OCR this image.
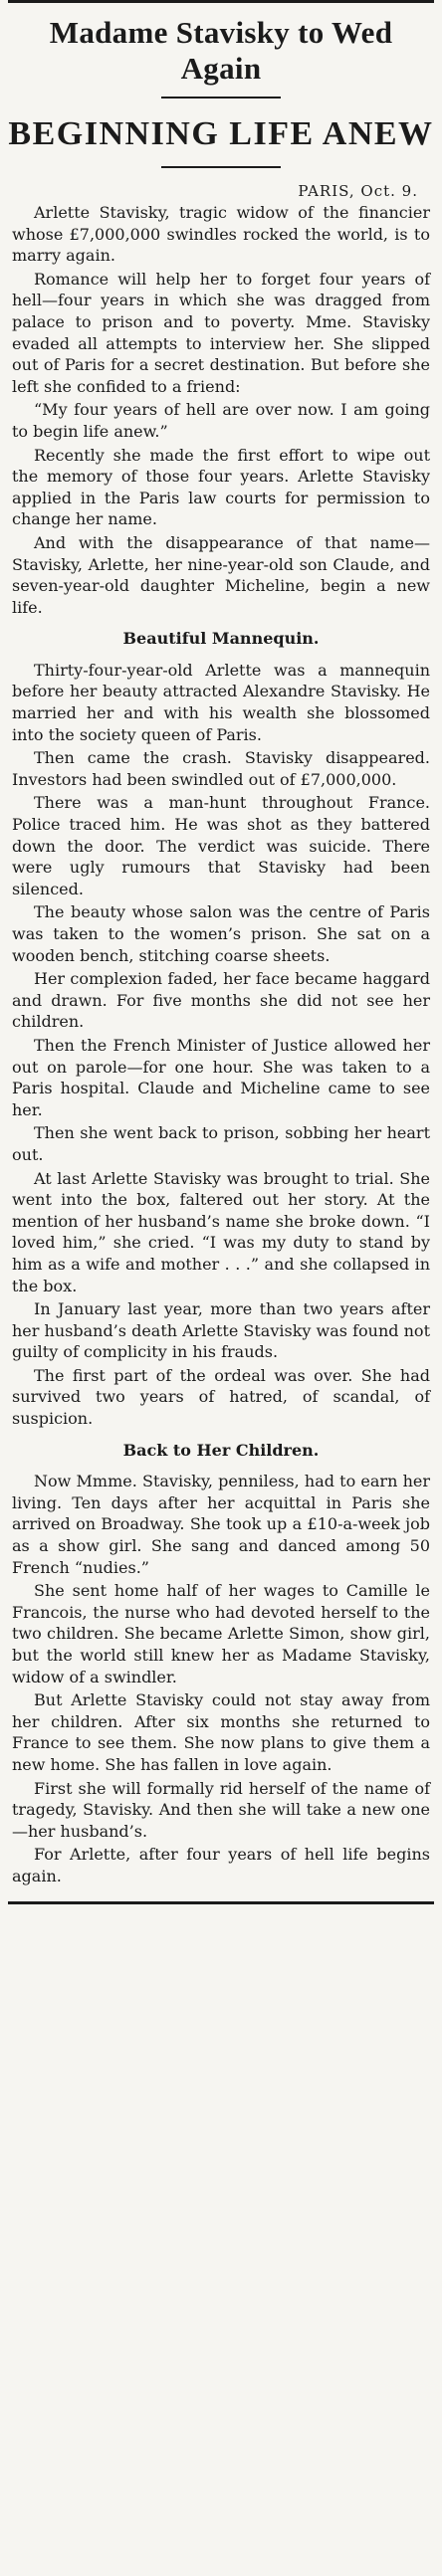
Madame Stavisky to Wed Again
BEGINNING LIFE ANEW
PARIS, Oct. 9.

Arlette Stavisky, tragic widow of the financier whose £7,000,000 swindles rocked the world, is to marry again.

Romance will help her to forget four years of hell—four years in which she was dragged from palace to prison and to poverty. Mme. Stavisky evaded all attempts to interview her. She slipped out of Paris for a secret destination. But before she left she confided to a friend:

“My four years of hell are over now. I am going to begin life anew.”

Recently she made the first effort to wipe out the memory of those four years. Arlette Stavisky applied in the Paris law courts for permission to change her name.

And with the disappearance of that name—Stavisky, Arlette, her nine-year-old son Claude, and seven-year-old daughter Micheline, begin a new life.

Beautiful Mannequin.

Thirty-four-year-old Arlette was a mannequin before her beauty attracted Alexandre Stavisky. He married her and with his wealth she blossomed into the society queen of Paris.

Then came the crash. Stavisky disappeared. Investors had been swindled out of £7,000,000.

There was a man-hunt throughout France. Police traced him. He was shot as they battered down the door. The verdict was suicide. There were ugly rumours that Stavisky had been silenced.

The beauty whose salon was the centre of Paris was taken to the women’s prison. She sat on a wooden bench, stitching coarse sheets.

Her complexion faded, her face became haggard and drawn. For five months she did not see her children.

Then the French Minister of Justice allowed her out on parole—for one hour. She was taken to a Paris hospital. Claude and Micheline came to see her.

Then she went back to prison, sobbing her heart out.

At last Arlette Stavisky was brought to trial. She went into the box, faltered out her story. At the mention of her husband’s name she broke down. “I loved him,” she cried. “I was my duty to stand by him as a wife and mother . . .” and she collapsed in the box.

In January last year, more than two years after her husband’s death Arlette Stavisky was found not guilty of complicity in his frauds.

The first part of the ordeal was over. She had survived two years of hatred, of scandal, of suspicion.

Back to Her Children.

Now Mmme. Stavisky, penniless, had to earn her living. Ten days after her acquittal in Paris she arrived on Broadway. She took up a £10-a-week job as a show girl. She sang and danced among 50 French “nudies.”

She sent home half of her wages to Camille le Francois, the nurse who had devoted herself to the two children. She became Arlette Simon, show girl, but the world still knew her as Madame Stavisky, widow of a swindler.

But Arlette Stavisky could not stay away from her children. After six months she returned to France to see them. She now plans to give them a new home. She has fallen in love again.

First she will formally rid herself of the name of tragedy, Stavisky. And then she will take a new one—her husband’s.

For Arlette, after four years of hell life begins again.
